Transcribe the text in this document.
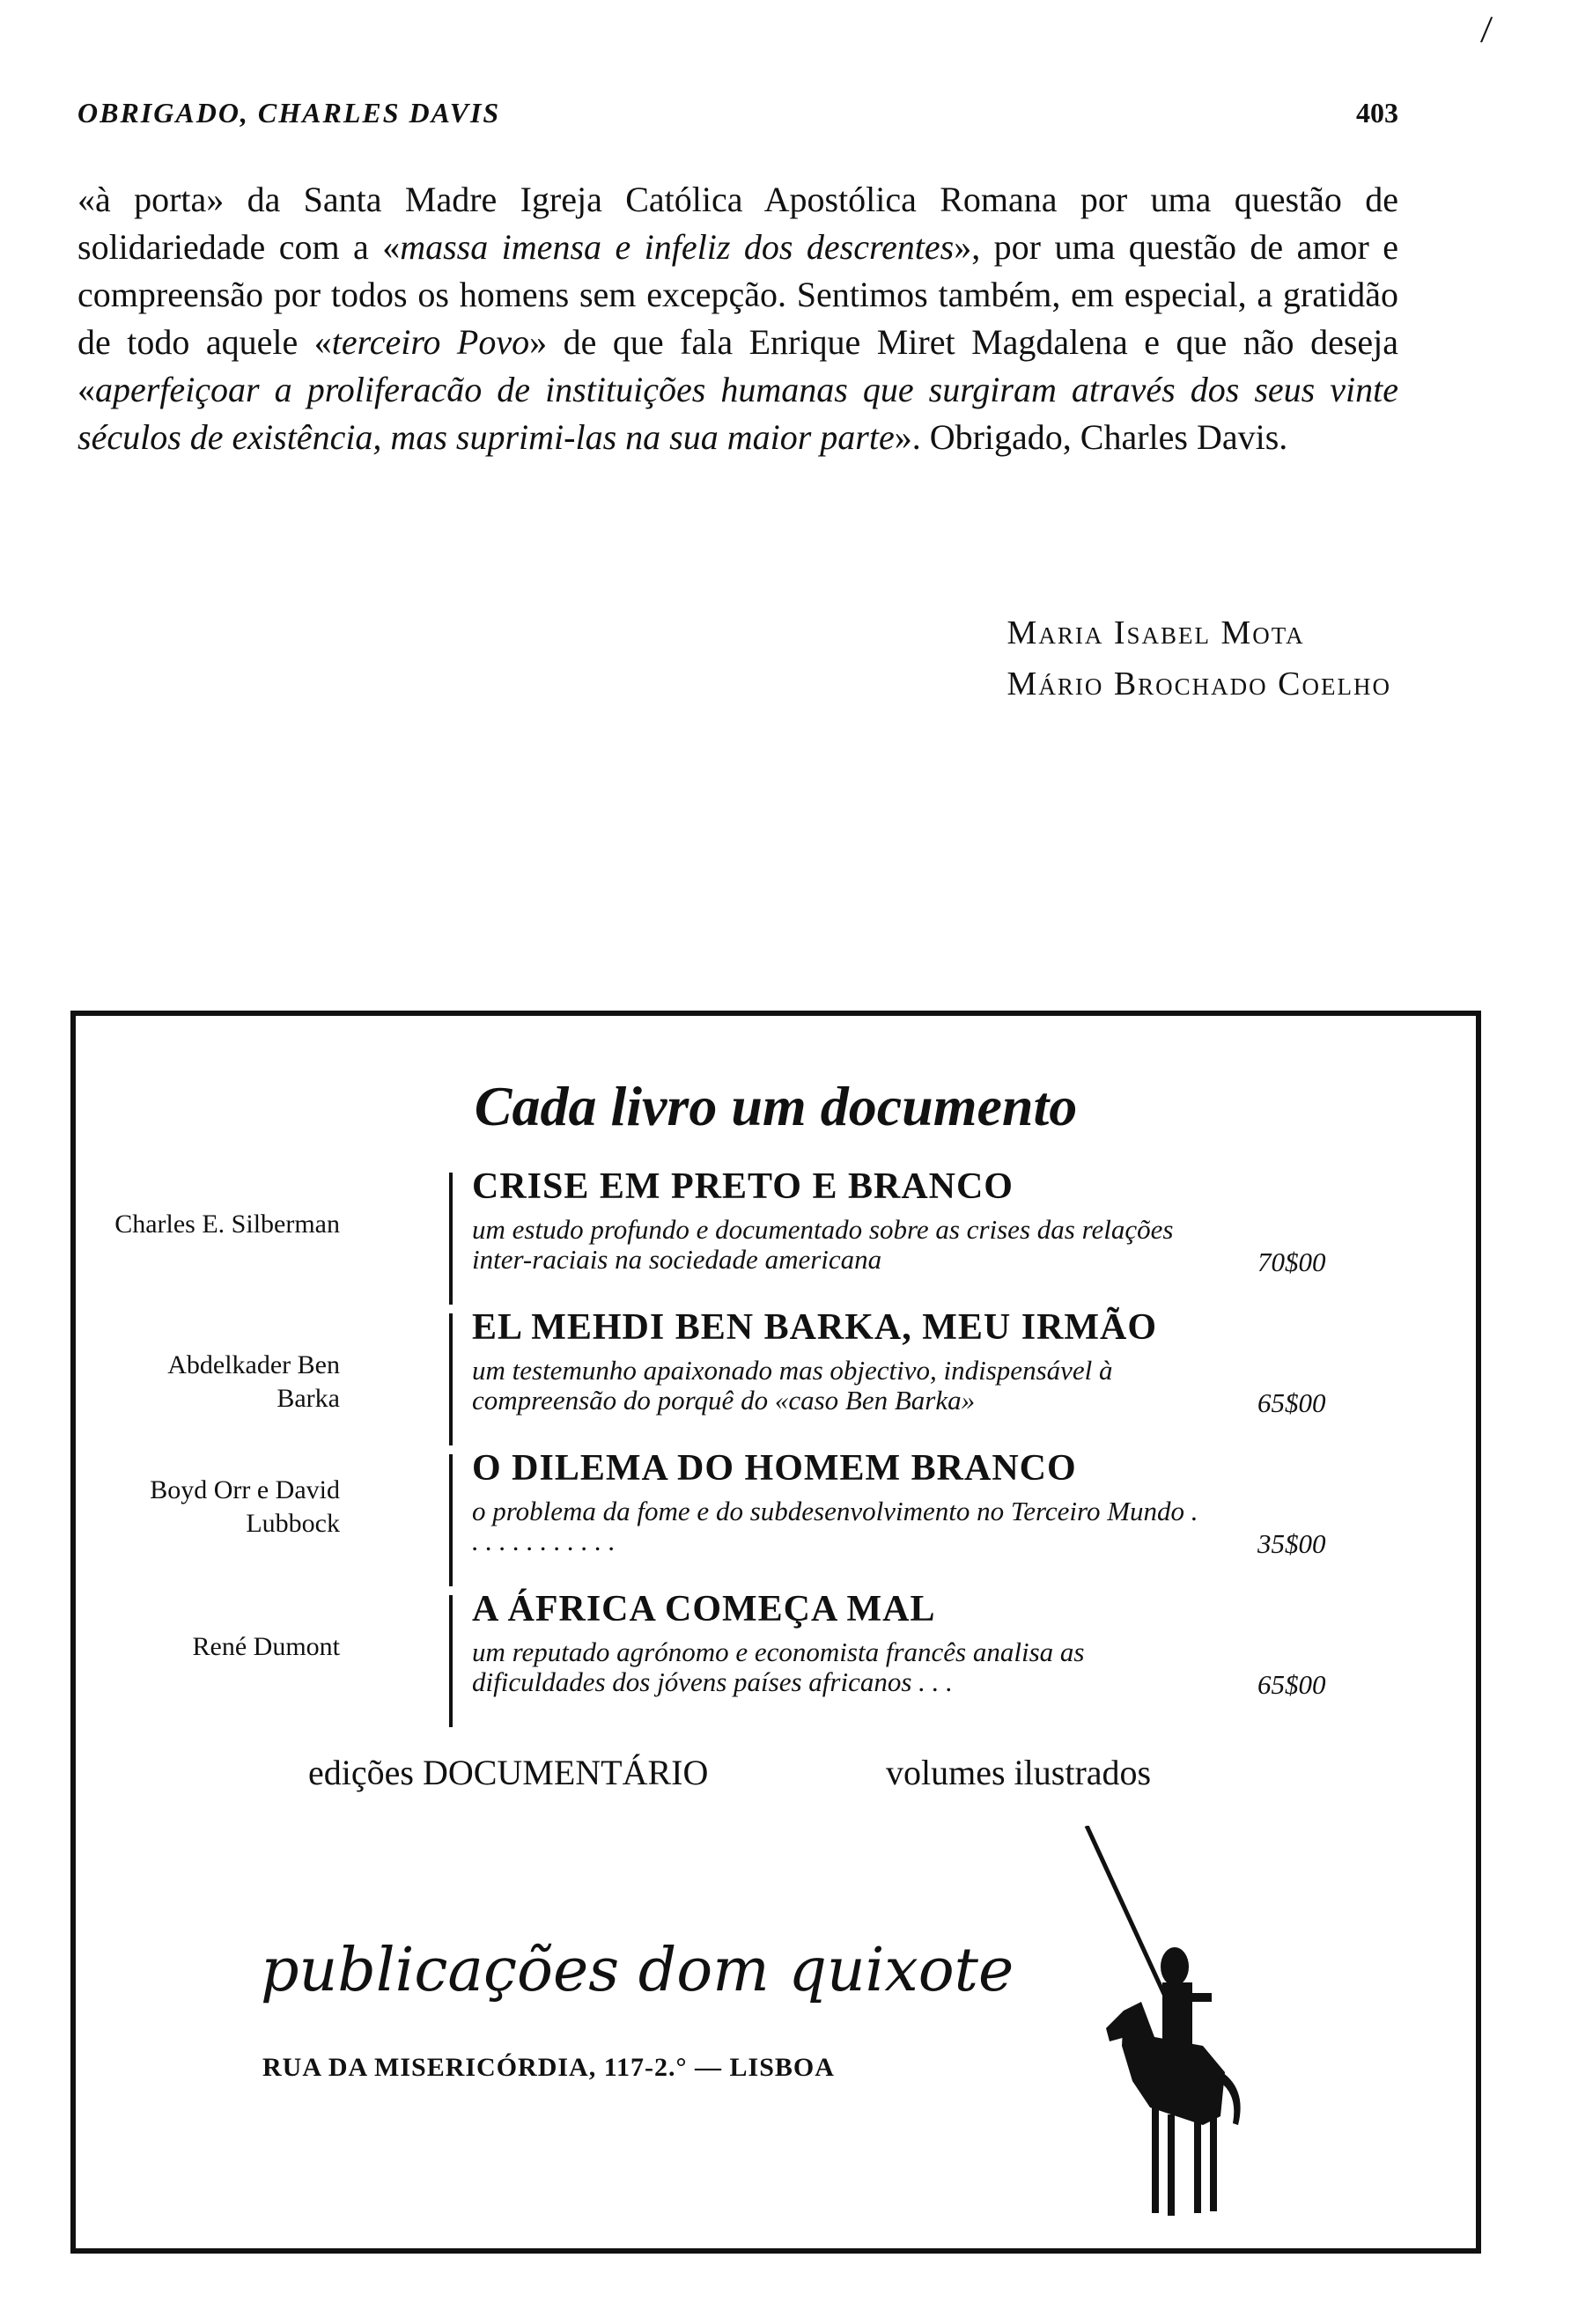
/
OBRIGADO, CHARLES DAVIS	403
«à porta» da Santa Madre Igreja Católica Apostólica Romana por uma questão de solidariedade com a «massa imensa e infeliz dos descrentes», por uma questão de amor e compreensão por todos os homens sem excepção. Sentimos também, em especial, a gratidão de todo aquele «terceiro Povo» de que fala Enrique Miret Magdalena e que não deseja «aperfeiçoar a proliferacão de instituições humanas que surgiram através dos seus vinte séculos de existência, mas suprimi-las na sua maior parte». Obrigado, Charles Davis.
Maria Isabel Mota
Mário Brochado Coelho
Cada livro um documento
Charles E. Silberman
CRISE EM PRETO E BRANCO
um estudo profundo e documentado sobre as crises das relações inter-raciais na sociedade americana	70$00
Abdelkader Ben Barka
EL MEHDI BEN BARKA, MEU IRMÃO
um testemunho apaixonado mas objectivo, indispensável à compreensão do porquê do «caso Ben Barka»	65$00
Boyd Orr e David Lubbock
O DILEMA DO HOMEM BRANCO
o problema da fome e do subdesenvolvimento no Terceiro Mundo . . . . . . . . . . . .	35$00
René Dumont
A ÁFRICA COMEÇA MAL
um reputado agrónomo e economista francês analisa as dificuldades dos jóvens países africanos . . .	65$00
edições DOCUMENTÁRIO	volumes ilustrados
publicações dom quixote
RUA DA MISERICÓRDIA, 117-2.° — LISBOA
